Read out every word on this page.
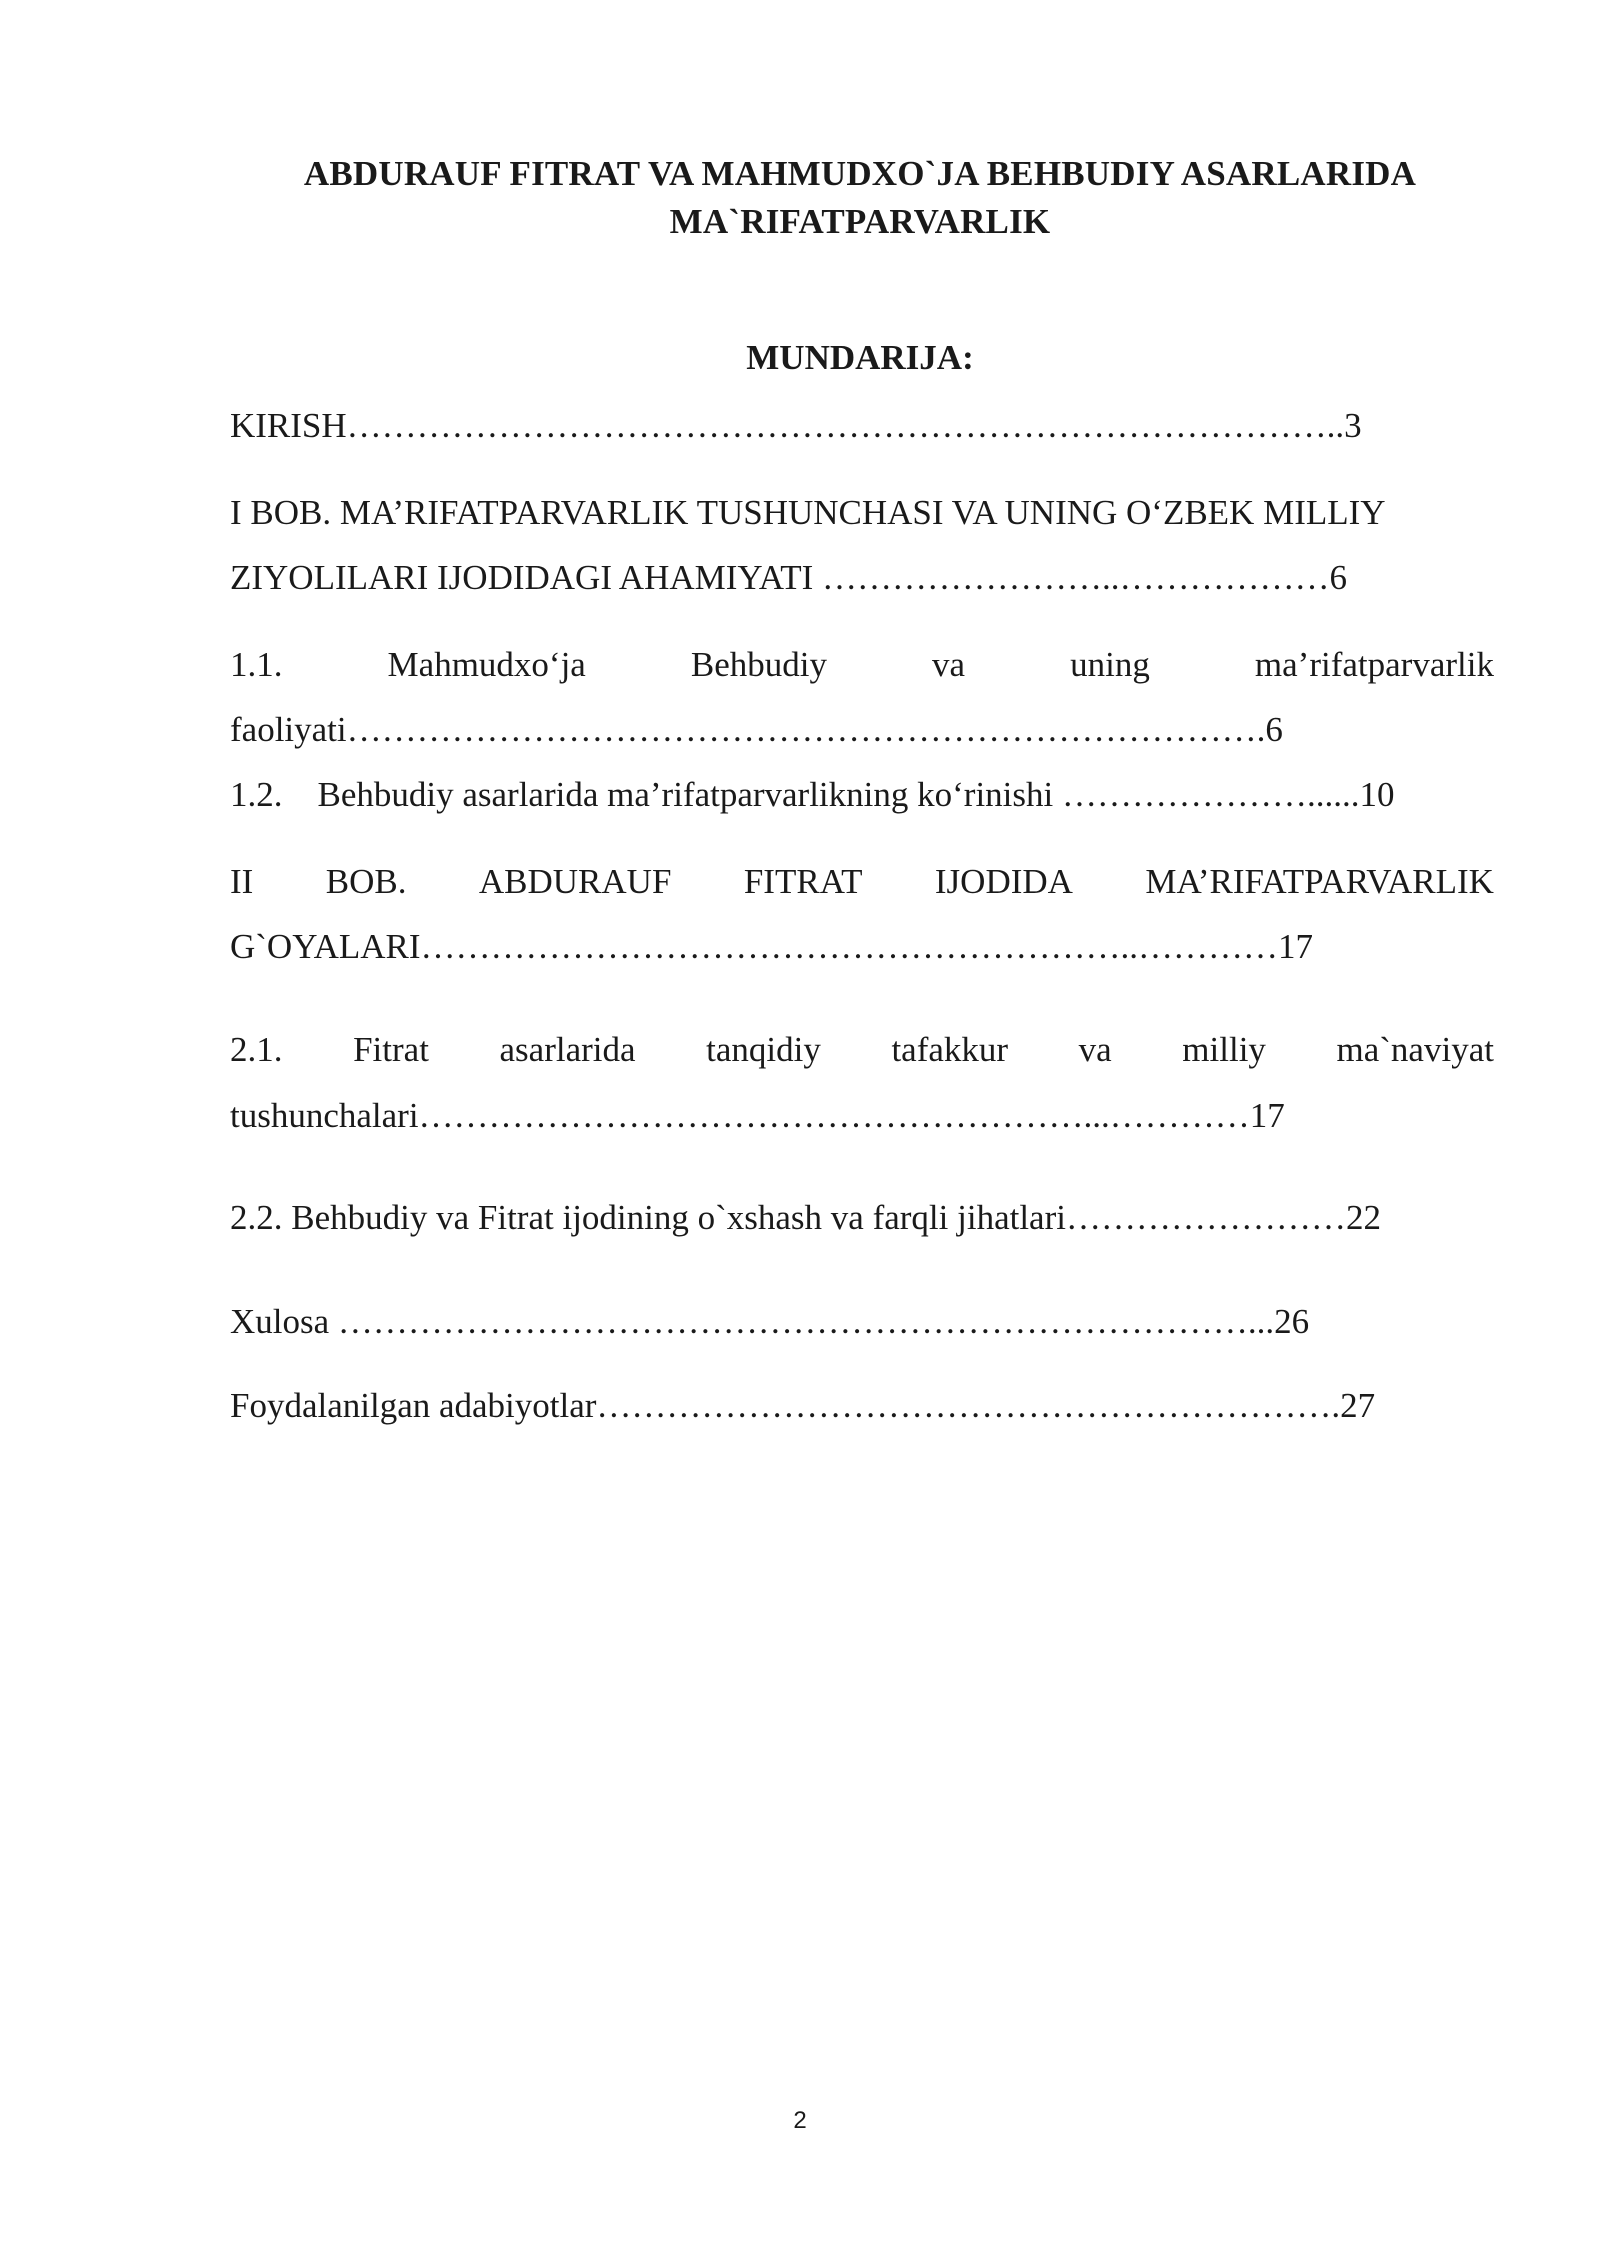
ABDURAUF FITRAT VA MAHMUDXO`JA BEHBUDIY ASARLARIDA
MA`RIFATPARVARLIK
MUNDARIJA:
KIRISH…………………………………………………………………………..3
I BOB. MA’RIFATPARVARLIK TUSHUNCHASI VA UNING O‘ZBEK MILLIY
ZIYOLILARI IJODIDAGI AHAMIYATI ……………………..………………6
1.1.	Mahmudxo‘ja	Behbudiy	va	uning	ma’rifatparvarlik
faoliyati…………………………………………………………………….6
1.2.    Behbudiy asarlarida ma’rifatparvarlikning ko‘rinishi …………………......10
II BOB. ABDURAUF FITRAT IJODIDA MA’RIFATPARVARLIK
G`OYALARI……………………………………………………..…………17
2.1. Fitrat asarlarida tanqidiy tafakkur va milliy ma`naviyat
tushunchalari…………………………………………………...…………17
2.2. Behbudiy va Fitrat ijodining o`xshash va farqli jihatlari……………………22
Xulosa ……………………………………………………………………...26
Foydalanilgan adabiyotlar……………………………………………………….27
2
